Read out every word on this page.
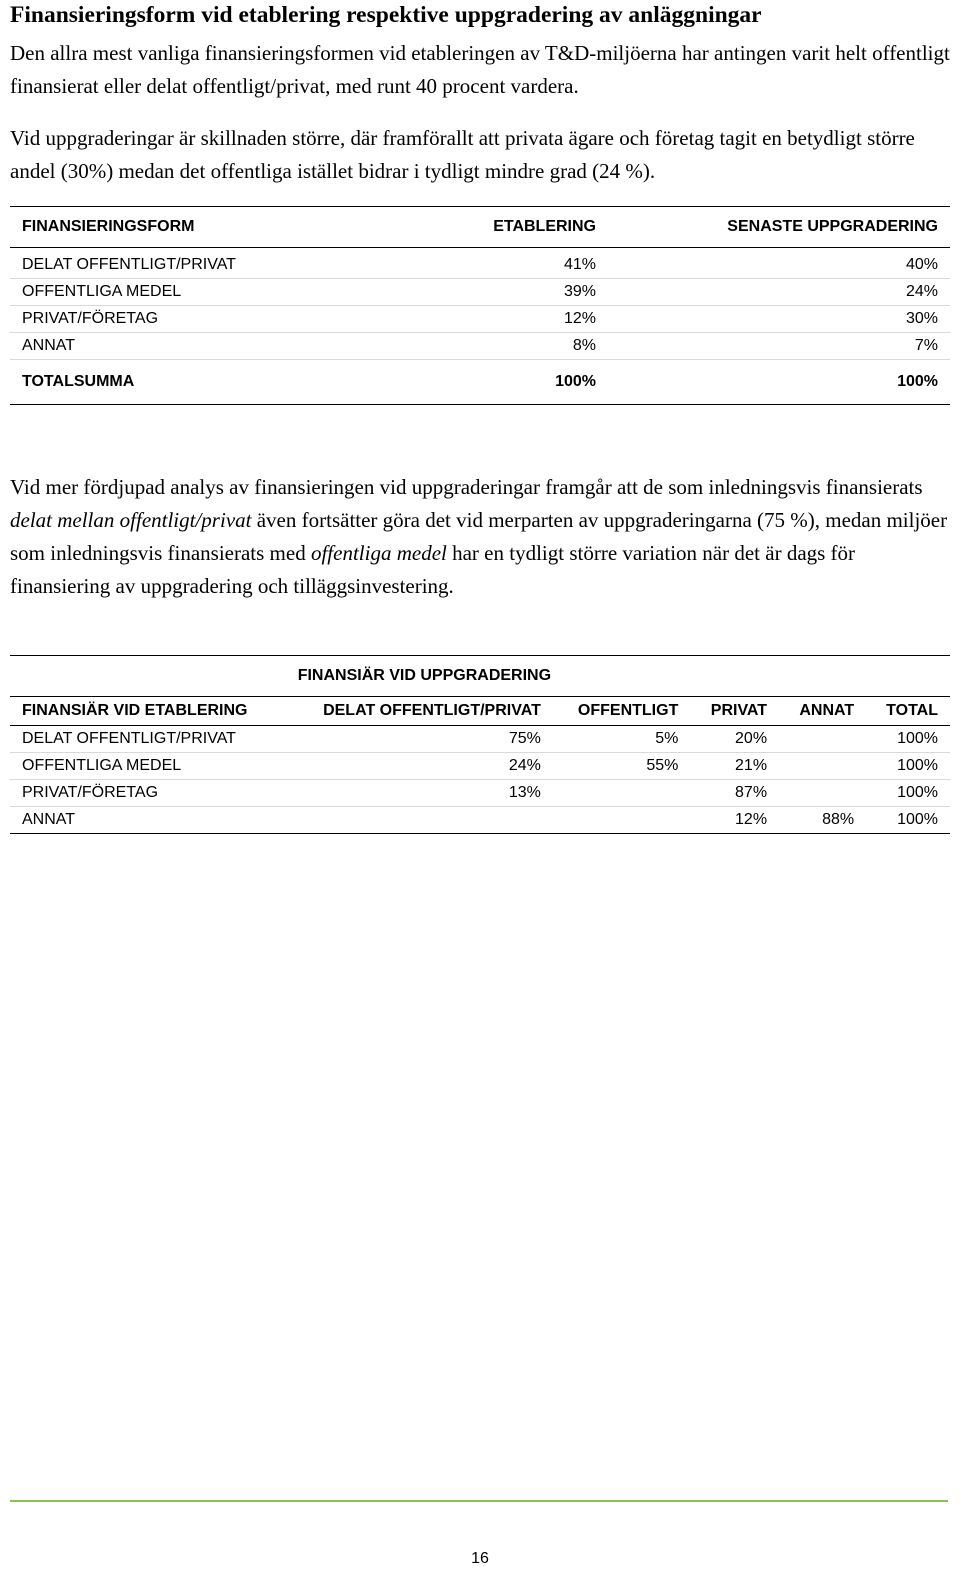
Finansieringsform vid etablering respektive uppgradering av anläggningar

Den allra mest vanliga finansieringsformen vid etableringen av T&D-miljöerna har antingen varit helt offentligt finansierat eller delat offentligt/privat, med runt 40 procent vardera.

Vid uppgraderingar är skillnaden större, där framförallt att privata ägare och företag tagit en betydligt större andel (30%) medan det offentliga istället bidrar i tydligt mindre grad (24 %).

FINANSIERINGSFORM	ETABLERING	SENASTE UPPGRADERING

DELAT OFFENTLIGT/PRIVAT	41%	40%
OFFENTLIGA MEDEL	39%	24%
PRIVAT/FÖRETAG	12%	30%
ANNAT	8%	7%
TOTALSUMMA	100%	100%

Vid mer fördjupad analys av finansieringen vid uppgraderingar framgår att de som inledningsvis finansierats delat mellan offentligt/privat även fortsätter göra det vid merparten av uppgraderingarna (75 %), medan miljöer som inledningsvis finansierats med offentliga medel har en tydligt större variation när det är dags för finansiering av uppgradering och tilläggsinvestering.

	FINANSIÄR VID UPPGRADERING				
FINANSIÄR VID ETABLERING	DELAT OFFENTLIGT/PRIVAT	OFFENTLIGT	PRIVAT	ANNAT	TOTAL
DELAT OFFENTLIGT/PRIVAT	75%	5%	20%		100%
OFFENTLIGA MEDEL	24%	55%	21%		100%
PRIVAT/FÖRETAG	13%		87%		100%
ANNAT			12%	88%	100%
16
